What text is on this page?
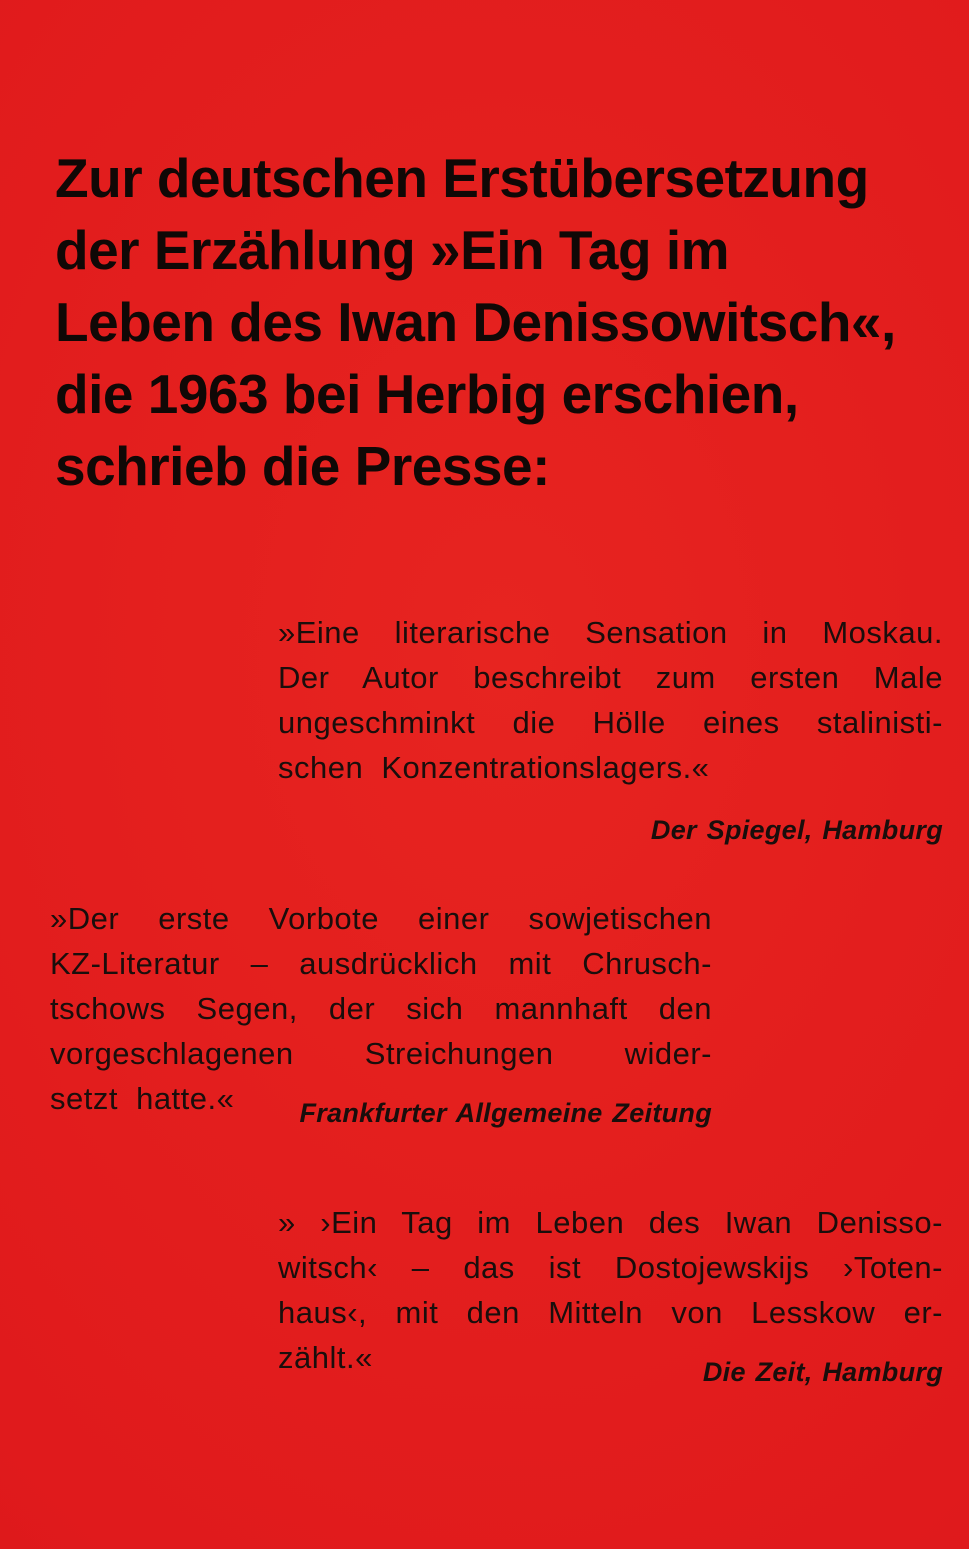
Zur deutschen Erstübersetzung
der Erzählung »Ein Tag im
Leben des Iwan Denissowitsch«,
die 1963 bei Herbig erschien,
schrieb die Presse:
»Eine literarische Sensation in Moskau.
Der Autor beschreibt zum ersten Male
ungeschminkt die Hölle eines stalinisti-
schen Konzentrationslagers.«
Der Spiegel, Hamburg
»Der erste Vorbote einer sowjetischen
KZ-Literatur – ausdrücklich mit Chrusch-
tschows Segen, der sich mannhaft den
vorgeschlagenen Streichungen wider-
setzt hatte.« Frankfurter Allgemeine Zeitung
» ›Ein Tag im Leben des Iwan Denisso-
witsch‹ – das ist Dostojewskijs ›Toten-
haus‹, mit den Mitteln von Lesskow er-
zählt.«	Die Zeit, Hamburg
